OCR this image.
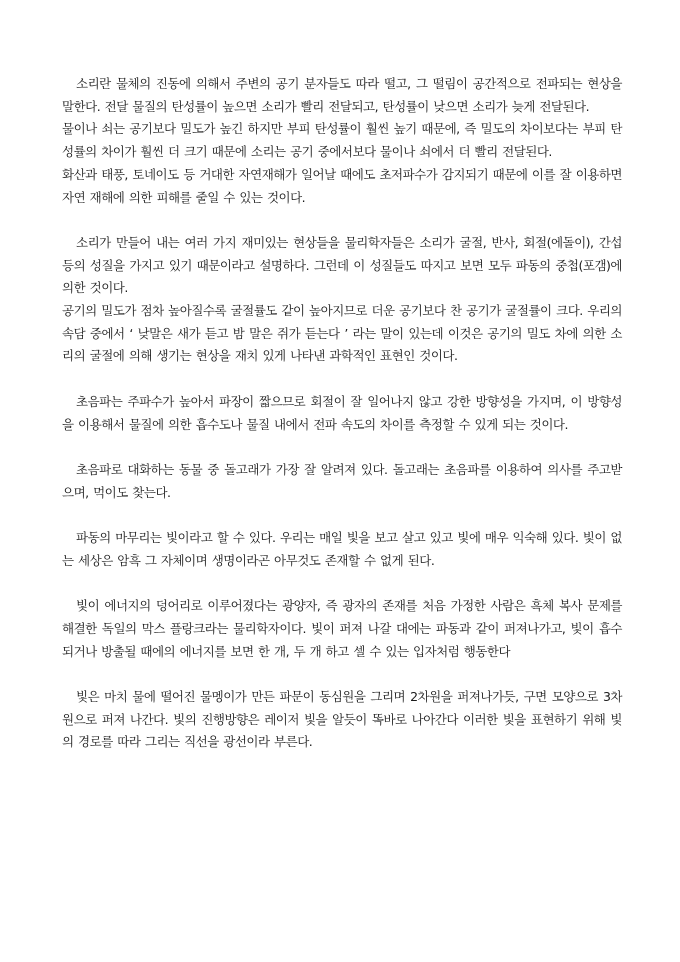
소리란 물체의 진동에 의해서 주변의 공기 분자들도 따라 떨고, 그 떨림이 공간적으로 전파되는 현상을 말한다. 전달 물질의 탄성률이 높으면 소리가 빨리 전달되고, 탄성률이 낮으면 소리가 늦게 전달된다.

물이나 쇠는 공기보다 밀도가 높긴 하지만 부피 탄성률이 훨씬 높기 때문에, 즉 밀도의 차이보다는 부피 탄성률의 차이가 훨씬 더 크기 때문에 소리는 공기 중에서보다 물이나 쇠에서 더 빨리 전달된다.

화산과 태풍, 토네이도 등 거대한 자연재해가 일어날 때에도 초저파수가 감지되기 때문에 이를 잘 이용하면 자연 재해에 의한 피해를 줄일 수 있는 것이다.

소리가 만들어 내는 여러 가지 재미있는 현상들을 물리학자들은 소리가 굴절, 반사, 회절(에돌이), 간섭 등의 성질을 가지고 있기 때문이라고 설명하다. 그런데 이 성질들도 따지고 보면 모두 파동의 중첩(포갬)에 의한 것이다.

공기의 밀도가 점차 높아질수록 굴절률도 같이 높아지므로 더운 공기보다 찬 공기가 굴절률이 크다. 우리의 속담 중에서 ‘ 낮말은 새가 듣고 밤 말은 쥐가 듣는다 ’ 라는 말이 있는데 이것은 공기의 밀도 차에 의한 소리의 굴절에 의해 생기는 현상을 재치 있게 나타낸 과학적인 표현인 것이다.

초음파는 주파수가 높아서 파장이 짧으므로 회절이 잘 일어나지 않고 강한 방향성을 가지며, 이 방향성을 이용해서 물질에 의한 흡수도나 물질 내에서 전파 속도의 차이를 측정할 수 있게 되는 것이다.

초음파로 대화하는 동물 중 돌고래가 가장 잘 알려져 있다. 돌고래는 초음파를 이용하여 의사를 주고받으며, 먹이도 찾는다.

파동의 마무리는 빛이라고 할 수 있다. 우리는 매일 빛을 보고 살고 있고 빛에 매우 익숙해 있다. 빛이 없는 세상은 암흑 그 자체이며 생명이라곤 아무것도 존재할 수 없게 된다.

빛이 에너지의 덩어리로 이루어졌다는 광양자, 즉 광자의 존재를 처음 가정한 사람은 흑체 복사 문제를 해결한 독일의 막스 플랑크라는 물리학자이다. 빛이 퍼져 나갈 대에는 파동과 같이 퍼져나가고, 빛이 흡수되거나 방출될 때에의 에너지를 보면 한 개, 두 개 하고 셀 수 있는 입자처럼 행동한다

빛은 마치 물에 떨어진 물멩이가 만든 파문이 동심원을 그리며 2차원을 퍼져나가듯, 구면 모양으로 3차원으로 퍼져 나간다. 빛의 진행방향은 레이저 빛을 알듯이 똑바로 나아간다 이러한 빛을 표현하기 위해 빛의 경로를 따라 그리는 직선을 광선이라 부른다.
